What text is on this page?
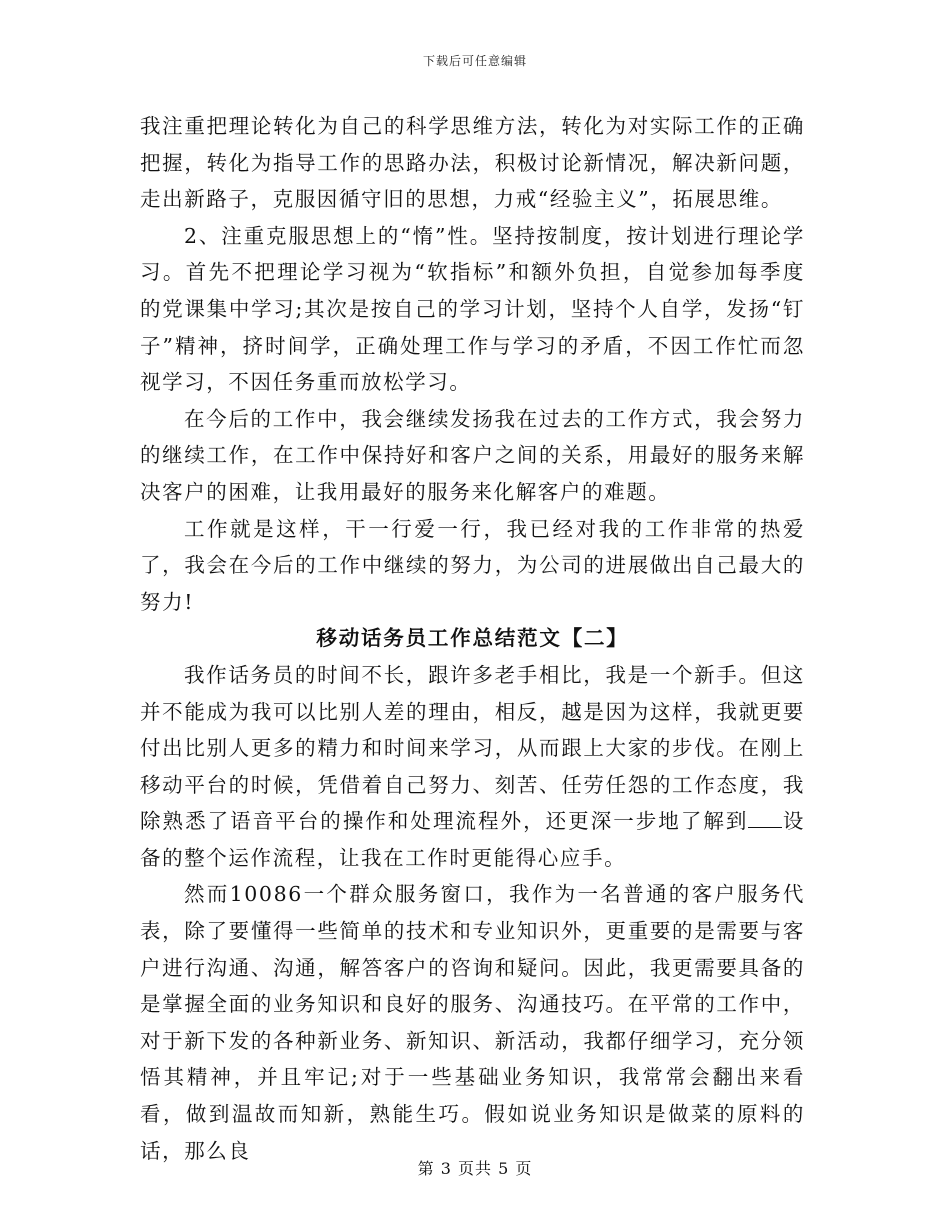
下载后可任意编辑

我注重把理论转化为自己的科学思维方法，转化为对实际工作的正确把握，转化为指导工作的思路办法，积极讨论新情况，解决新问题，走出新路子，克服因循守旧的思想，力戒“经验主义”，拓展思维。

2、注重克服思想上的“惰”性。坚持按制度，按计划进行理论学习。首先不把理论学习视为“软指标”和额外负担，自觉参加每季度的党课集中学习;其次是按自己的学习计划，坚持个人自学，发扬“钉子”精神，挤时间学，正确处理工作与学习的矛盾，不因工作忙而忽视学习，不因任务重而放松学习。

在今后的工作中，我会继续发扬我在过去的工作方式，我会努力的继续工作，在工作中保持好和客户之间的关系，用最好的服务来解决客户的困难，让我用最好的服务来化解客户的难题。

工作就是这样，干一行爱一行，我已经对我的工作非常的热爱了，我会在今后的工作中继续的努力，为公司的进展做出自己最大的努力!

移动话务员工作总结范文【二】

我作话务员的时间不长，跟许多老手相比，我是一个新手。但这并不能成为我可以比别人差的理由，相反，越是因为这样，我就更要付出比别人更多的精力和时间来学习，从而跟上大家的步伐。在刚上移动平台的时候，凭借着自己努力、刻苦、任劳任怨的工作态度，我除熟悉了语音平台的操作和处理流程外，还更深一步地了解到 设备的整个运作流程，让我在工作时更能得心应手。

然而10086一个群众服务窗口，我作为一名普通的客户服务代表，除了要懂得一些简单的技术和专业知识外，更重要的是需要与客户进行沟通、沟通，解答客户的咨询和疑问。因此，我更需要具备的是掌握全面的业务知识和良好的服务、沟通技巧。在平常的工作中，对于新下发的各种新业务、新知识、新活动，我都仔细学习，充分领悟其精神，并且牢记;对于一些基础业务知识，我常常会翻出来看看，做到温故而知新，熟能生巧。假如说业务知识是做菜的原料的话，那么良

第 3 页共 5 页
